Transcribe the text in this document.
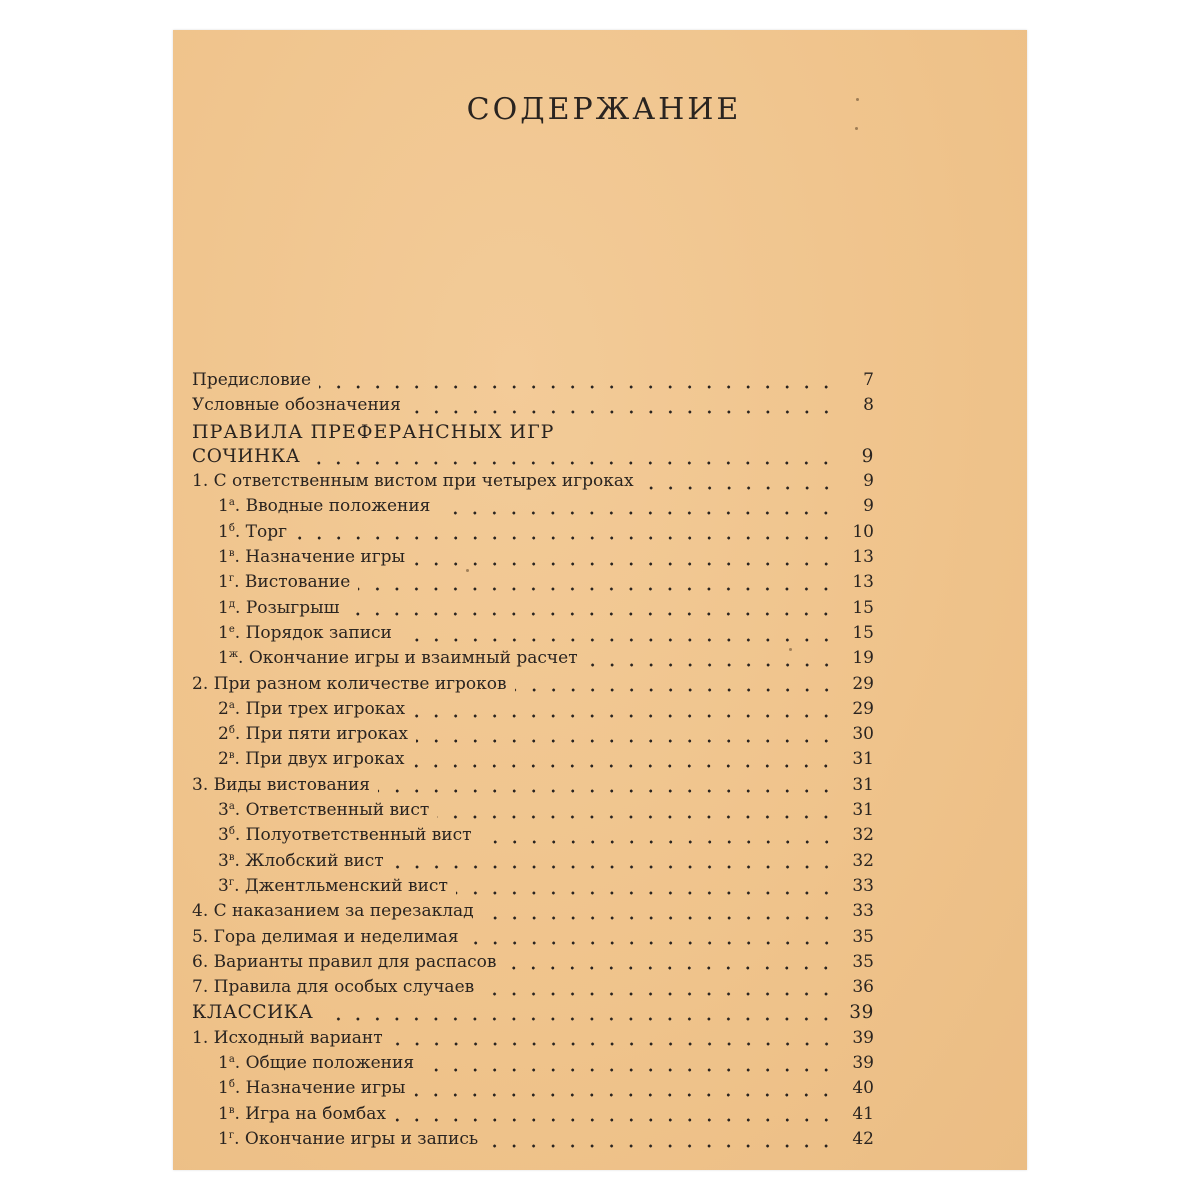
СОДЕРЖАНИЕ
Предисловие	7
Условные обозначения	8
ПРАВИЛА ПРЕФЕРАНСНЫХ ИГР
СОЧИНКА	9
1. С ответственным вистом при четырех игроках	9
$1^а$. Вводные положения	9
$1^б$. Торг	10
$1^в$. Назначение игры	13
$1^г$. Вистование	13
$1^д$. Розыгрыш	15
$1^е$. Порядок записи	15
$1^ж$. Окончание игры и взаимный расчет	19
2. При разном количестве игроков	29
$2^а$. При трех игроках	29
$2^б$. При пяти игроках	30
$2^в$. При двух игроках	31
3. Виды вистования	31
$3^а$. Ответственный вист	31
$3^б$. Полуответственный вист	32
$3^в$. Жлобский вист	32
$3^г$. Джентльменский вист	33
4. С наказанием за перезаклад	33
5. Гора делимая и неделимая	35
6. Варианты правил для распасов	35
7. Правила для особых случаев	36
КЛАССИКА	39
1. Исходный вариант	39
$1^а$. Общие положения	39
$1^б$. Назначение игры	40
$1^в$. Игра на бомбах	41
$1^г$. Окончание игры и запись	42
